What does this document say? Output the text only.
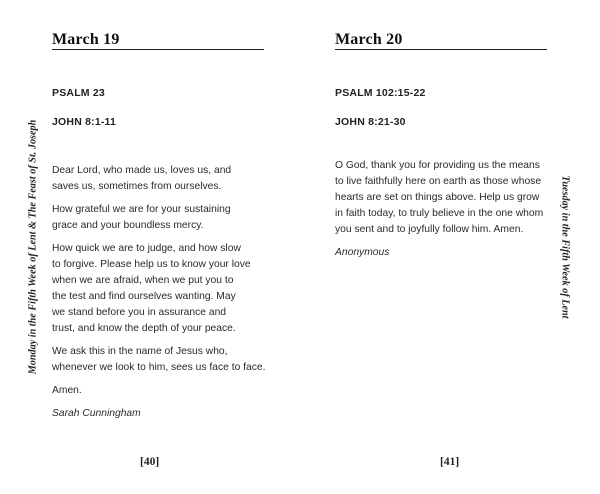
March 19
PSALM 23
JOHN 8:1-11

Dear Lord, who made us, loves us, and
saves us, sometimes from ourselves.

How grateful we are for your sustaining
grace and your boundless mercy.

How quick we are to judge, and how slow
to forgive. Please help us to know your love
when we are afraid, when we put you to
the test and find ourselves wanting. May
we stand before you in assurance and
trust, and know the depth of your peace.

We ask this in the name of Jesus who,
whenever we look to him, sees us face to face.

Amen.

Sarah Cunningham

[40]
Monday in the Fifth Week of Lent & The Feast of St. Joseph
March 20
PSALM 102:15-22
JOHN 8:21-30

O God, thank you for providing us the means
to live faithfully here on earth as those whose
hearts are set on things above. Help us grow
in faith today, to truly believe in the one whom
you sent and to joyfully follow him. Amen.

Anonymous

[41]
Tuesday in the Fifth Week of Lent
